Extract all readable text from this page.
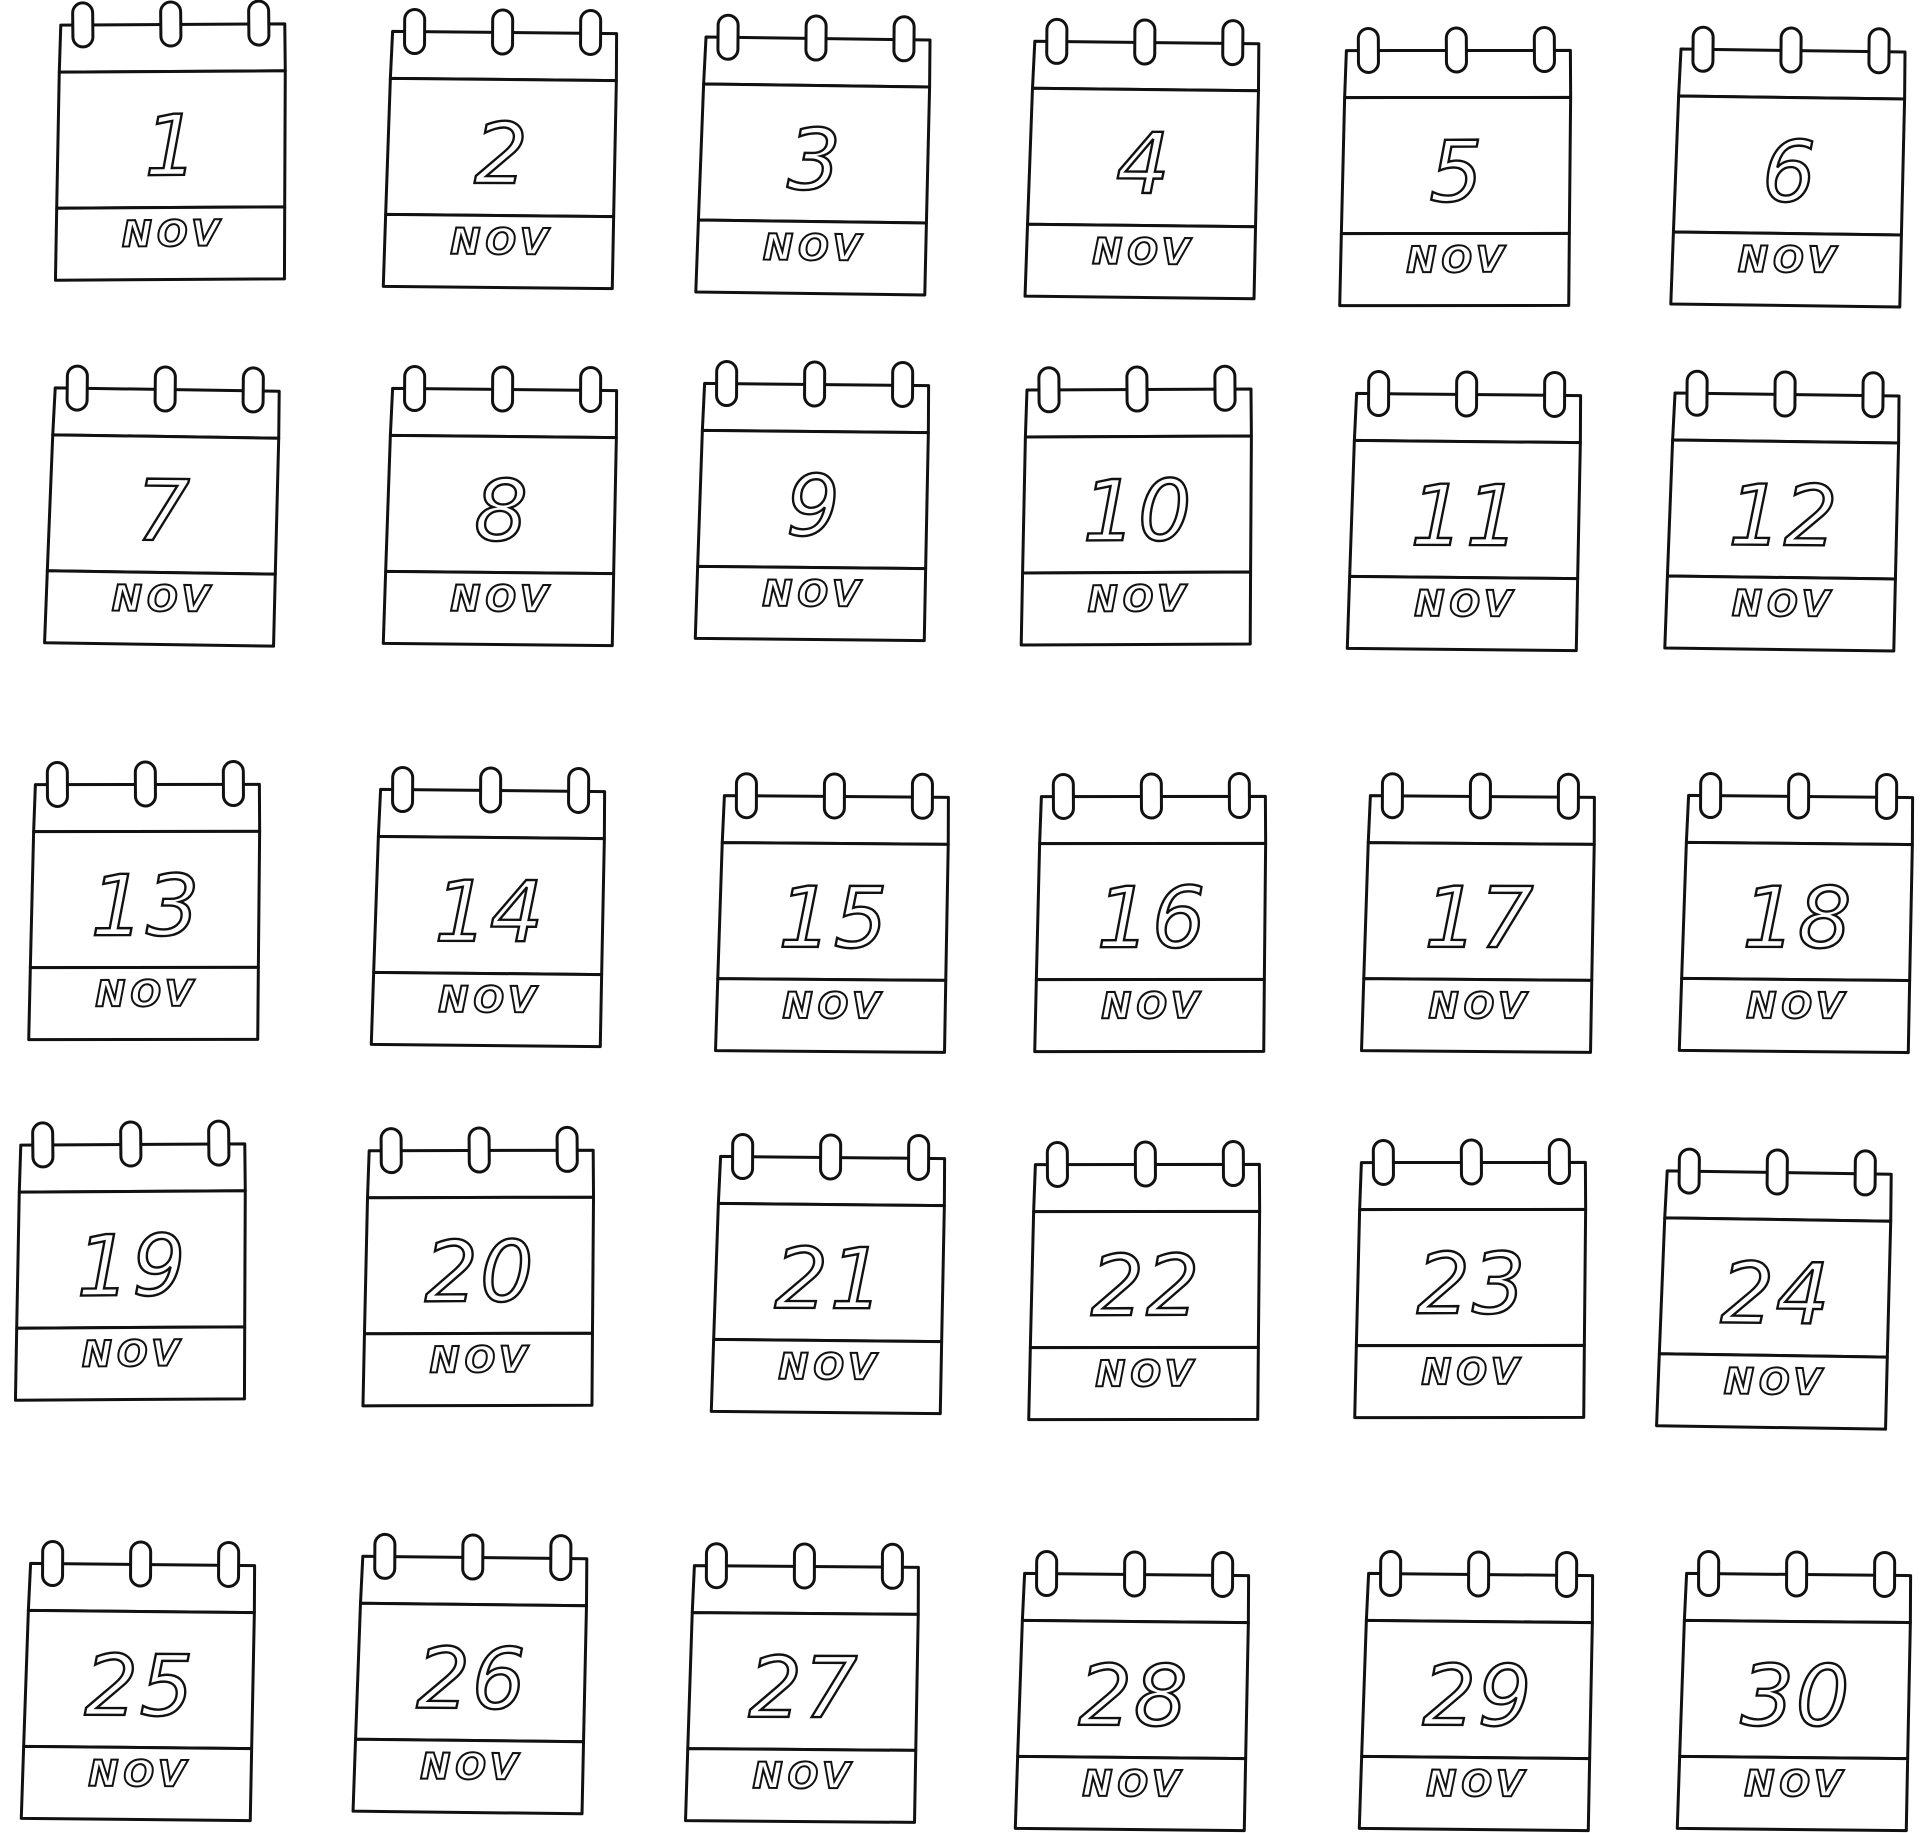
1
NOV
2
NOV
3
NOV
4
NOV
5
NOV
6
NOV
7
NOV
8
NOV
9
NOV
10
NOV
11
NOV
12
NOV
13
NOV
14
NOV
15
NOV
16
NOV
17
NOV
18
NOV
19
NOV
20
NOV
21
NOV
22
NOV
23
NOV
24
NOV
25
NOV
26
NOV
27
NOV
28
NOV
29
NOV
30
NOV
